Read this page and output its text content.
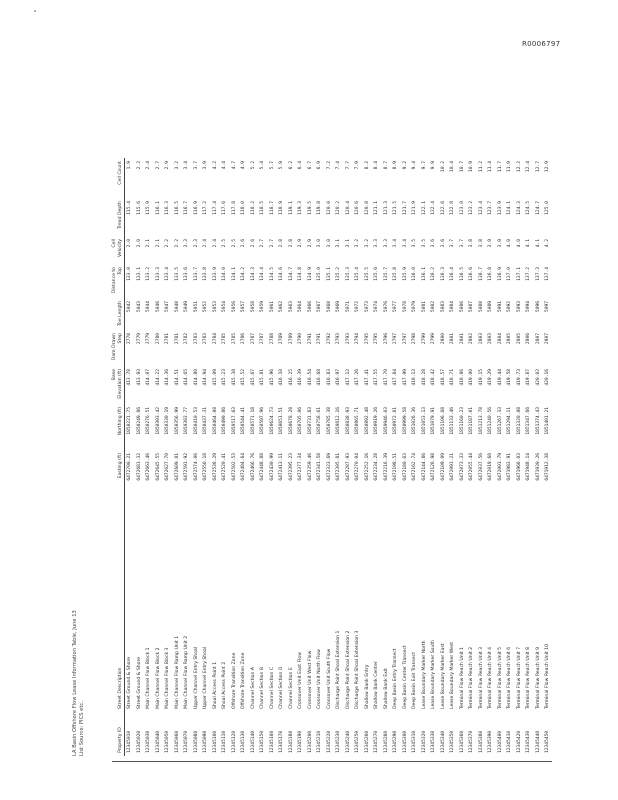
R0006797
LA Basin Offshore Flow Lease Information Table, June 13 List Source: PICS etc.	Property ID	Street Description	Easting (ft)	Northing (ft)	Base Elevation (ft)	Dam Drawn Step	Toe Length	Distance to Top	Cell Velocity	Tread Depth	Cell Count
12345010	Street Ground & Shore	6472700.21	1850221.75	413.78	2778	5042	133.0	2.0	115.4	1.9
12345020	Street Ground & Shore	6472681.32	1850249.86	413.93	2779	5043	133.1	2.0	115.6	2.2
12345030	Main Channel Flow Block 1	6472663.46	1850276.51	414.07	2779	5044	133.2	2.1	115.9	2.4
12345040	Main Channel Flow Block 2	6472645.55	1850303.42	414.22	2780	5046	133.3	2.1	116.1	2.7
12345050	Main Channel Flow Block 3	6472627.70	1850330.19	414.36	2781	5047	133.4	2.2	116.3	2.9
12345060	Main Channel Flow Ramp Unit 1	6472609.81	1850356.99	414.51	2781	5048	133.5	2.2	116.5	3.2
12345070	Main Channel Flow Ramp Unit 2	6472591.92	1850383.77	414.65	2782	5049	133.6	2.3	116.7	3.4
12345080	Upper Channel Entry Shoal	6472574.06	1850410.53	414.80	2783	5051	133.7	2.3	116.9	3.7
12345090	Upper Channel Entry Shoal	6472556.18	1850437.31	414.94	2783	5052	133.8	2.4	117.2	3.9
12345100	Shoal Access Point 1	6472538.29	1850464.08	415.09	2784	5053	133.9	2.4	117.4	4.2
12345110	Shoal Access Point 2	6472520.41	1850490.86	415.23	2785	5054	134.0	2.5	117.6	4.4
12345120	Offshore Transition Zone	6472502.53	1850517.63	415.38	2785	5056	134.1	2.5	117.8	4.7
12345130	Offshore Transition Zone	6472484.64	1850544.41	415.52	2786	5057	134.2	2.6	118.0	4.9
12345140	Channel Section A	6472466.76	1850571.18	415.67	2787	5058	134.3	2.6	118.2	5.2
12345150	Channel Section B	6472448.88	1850597.96	415.81	2787	5059	134.4	2.7	118.5	5.4
12345160	Channel Section C	6472430.99	1850624.73	415.96	2788	5061	134.5	2.7	118.7	5.7
12345170	Channel Section D	6472413.11	1850651.51	416.10	2789	5062	134.6	2.8	118.9	5.9
12345180	Channel Section E	6472395.23	1850678.28	416.25	2789	5063	134.7	2.8	119.1	6.2
12345190	Crossover Unit East Flow	6472377.34	1850705.06	416.39	2790	5064	134.8	2.9	119.3	6.4
12345200	Crossover Unit West Flow	6472359.46	1850731.83	416.54	2791	5066	134.9	2.9	119.5	6.7
12345210	Crossover Unit North Flow	6472341.58	1850758.61	416.68	2791	5067	135.0	3.0	119.8	6.9
12345220	Crossover Unit South Flow	6472323.69	1850785.38	416.83	2792	5068	135.1	3.0	120.0	7.2
12345230	Discharge Point Shoal Extension 1	6472305.81	1850812.16	416.97	2793	5069	135.2	3.1	120.2	7.4
12345240	Discharge Point Shoal Extension 2	6472287.93	1850838.93	417.12	2793	5071	135.3	3.1	120.4	7.7
12345250	Discharge Point Shoal Extension 3	6472270.04	1850865.71	417.26	2794	5072	135.4	3.2	120.6	7.9
12345260	Shallow Bank Entry	6472252.16	1850892.48	417.41	2795	5073	135.5	3.2	120.8	8.2
12345270	Shallow Bank Center	6472234.28	1850919.26	417.55	2795	5074	135.6	3.3	121.1	8.4
12345280	Shallow Bank Exit	6472216.39	1850946.03	417.70	2796	5076	135.7	3.3	121.3	8.7
12345290	Deep Basin Entry Transect	6472198.51	1850972.81	417.84	2797	5077	135.8	3.4	121.5	8.9
12345300	Deep Basin Center Transect	6472180.63	1850999.58	417.99	2797	5078	135.9	3.4	121.7	9.2
12345310	Deep Basin Exit Transect	6472162.74	1851026.36	418.13	2798	5079	136.0	3.5	121.9	9.4
12345320	Lease Boundary Marker North	6472144.86	1851053.13	418.28	2799	5081	136.1	3.5	122.1	9.7
12345330	Lease Boundary Marker South	6472126.98	1851079.91	418.42	2799	5082	136.2	3.6	122.4	9.9
12345340	Lease Boundary Marker East	6472109.09	1851106.68	418.57	2800	5083	136.3	3.6	122.6	10.2
12345350	Lease Boundary Marker West	6472091.21	1851133.46	418.71	2801	5084	136.4	3.7	122.8	10.4
12345360	Terminal Flow Reach Unit 1	6472073.33	1851160.23	418.86	2801	5086	136.5	3.7	123.0	10.7
12345370	Terminal Flow Reach Unit 2	6472055.44	1851187.01	419.00	2802	5087	136.6	3.8	123.2	10.9
12345380	Terminal Flow Reach Unit 3	6472037.56	1851213.78	419.15	2803	5088	136.7	3.8	123.4	11.2
12345390	Terminal Flow Reach Unit 4	6472019.68	1851240.56	419.29	2803	5089	136.8	3.9	123.7	11.4
12345400	Terminal Flow Reach Unit 5	6472001.79	1851267.33	419.44	2804	5091	136.9	3.9	123.9	11.7
12345410	Terminal Flow Reach Unit 6	6471983.91	1851294.11	419.58	2805	5092	137.0	4.0	124.1	11.9
12345420	Terminal Flow Reach Unit 7	6471966.03	1851320.88	419.73	2805	5093	137.1	4.0	124.3	12.2
12345430	Terminal Flow Reach Unit 8	6471948.14	1851347.66	419.87	2806	5094	137.2	4.1	124.5	12.4
12345440	Terminal Flow Reach Unit 9	6471930.26	1851374.43	420.02	2807	5096	137.3	4.1	124.7	12.7
12345450	Terminal Flow Reach Unit 10	6471912.38	1851401.21	420.16	2807	5097	137.4	4.2	125.0	12.9
